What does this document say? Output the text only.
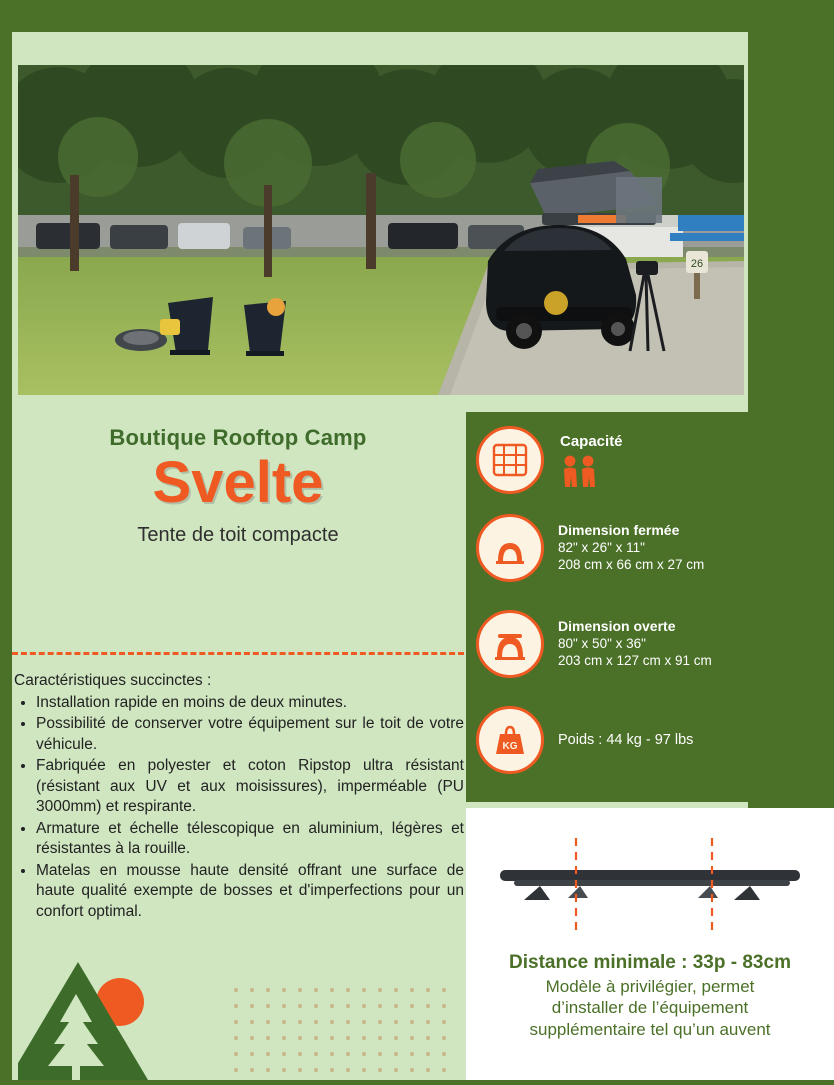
26
Boutique Rooftop Camp
Svelte
Tente de toit compacte

Caractéristiques succinctes :

• Installation rapide en moins de deux minutes.
• Possibilité de conserver votre équipement sur le toit de votre véhicule.
• Fabriquée en polyester et coton Ripstop ultra résistant (résistant aux UV et aux moisissures), imperméable (PU 3000mm) et respirante.
• Armature et échelle télescopique en aluminium, légères et résistantes à la rouille.
• Matelas en mousse haute densité offrant une surface de haute qualité exempte de bosses et d'imperfections pour un confort optimal.
Capacité
Dimension fermée
82" x 26" x 11"
208 cm x 66 cm x 27 cm
Dimension overte
80" x 50" x 36"
203 cm x 127 cm x 91 cm
KG	Poids : 44 kg - 97 lbs
Distance minimale : 33p - 83cm
Modèle à privilégier, permet
d’installer de l’équipement
supplémentaire tel qu’un auvent
